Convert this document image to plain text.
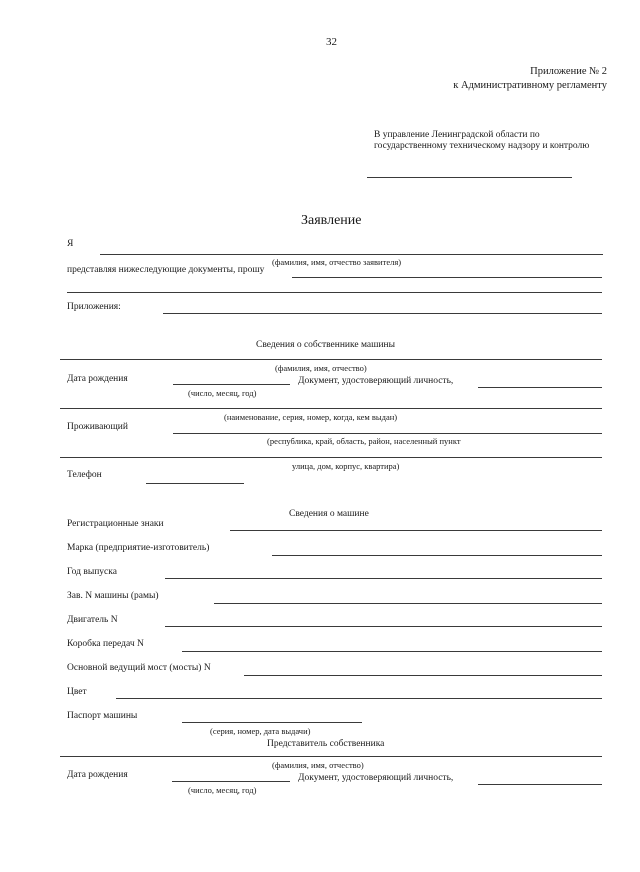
32
Приложение № 2
к Административному регламенту
В управление Ленинградской области по государственному техническому надзору и контролю
Заявление
Я
(фамилия, имя, отчество заявителя)
представляя нижеследующие документы, прошу
Приложения:
Сведения о собственнике машины
(фамилия, имя, отчество)
Дата рождения	Документ, удостоверяющий личность,
(число, месяц, год)
(наименование, серия, номер, когда, кем выдан)
Проживающий
(республика, край, область, район, населенный пункт
улица, дом, корпус, квартира)
Телефон
Сведения о машине
Регистрационные знаки
Марка (предприятие-изготовитель)
Год выпуска
Зав. N машины (рамы)
Двигатель N
Коробка передач N
Основной ведущий мост (мосты) N
Цвет
Паспорт машины
(серия, номер, дата выдачи)
Представитель собственника
(фамилия, имя, отчество)
Дата рождения	Документ, удостоверяющий личность,
(число, месяц, год)
